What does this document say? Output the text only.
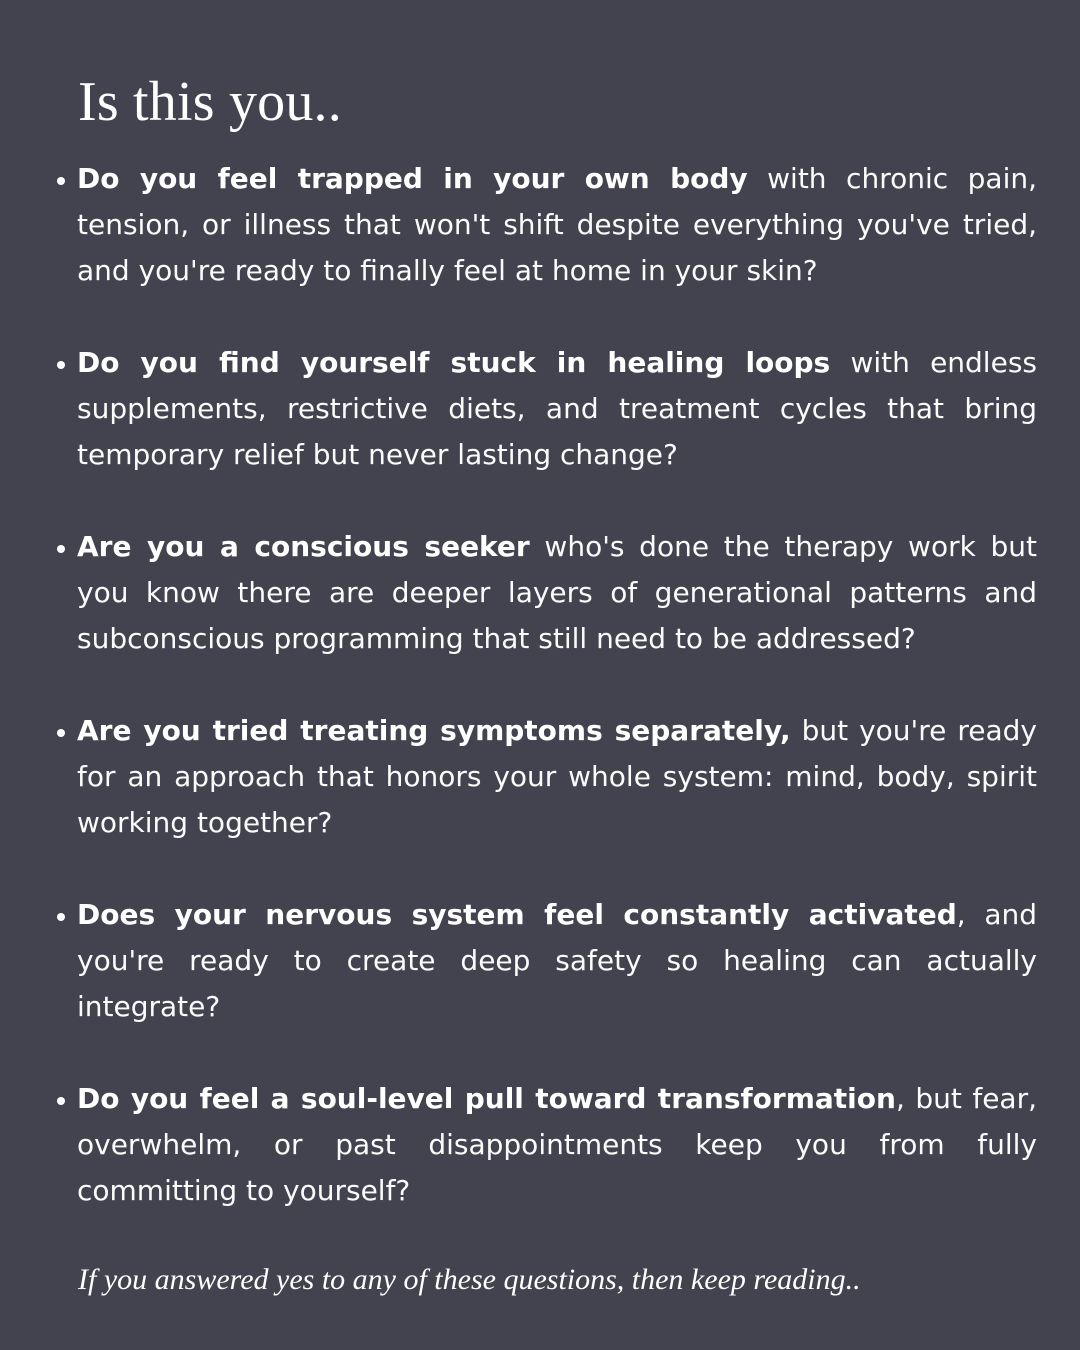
Is this you..
Do you feel trapped in your own body with chronic pain, tension, or illness that won't shift despite everything you've tried, and you're ready to finally feel at home in your skin?
Do you find yourself stuck in healing loops with endless supplements, restrictive diets, and treatment cycles that bring temporary relief but never lasting change?
Are you a conscious seeker who's done the therapy work but you know there are deeper layers of generational patterns and subconscious programming that still need to be addressed?
Are you tried treating symptoms separately, but you're ready for an approach that honors your whole system: mind, body, spirit working together?
Does your nervous system feel constantly activated, and you're ready to create deep safety so healing can actually integrate?
Do you feel a soul-level pull toward transformation, but fear, overwhelm, or past disappointments keep you from fully committing to yourself?

If you answered yes to any of these questions, then keep reading..
